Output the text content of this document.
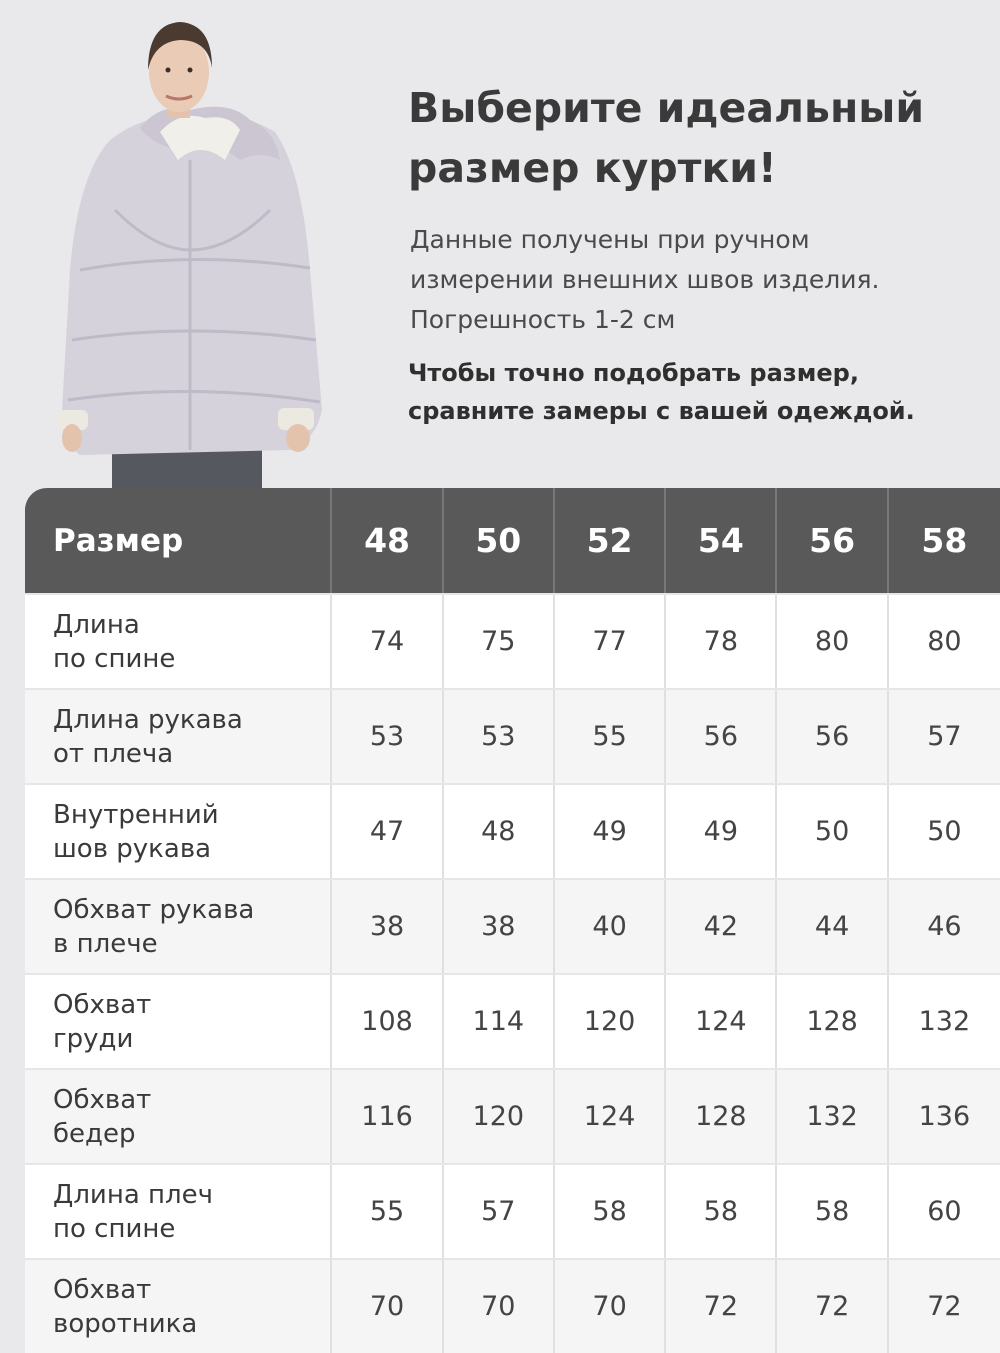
Выберите идеальный
размер куртки!
Данные получены при ручном
измерении внешних швов изделия.
Погрешность 1-2 см
Чтобы точно подобрать размер,
сравните замеры с вашей одеждой.
Размер	48	50	52	54	56	58
Длина
по спине
74	75	77	78	80	80
Длина рукава
от плеча
53	53	55	56	56	57
Внутренний
шов рукава
47	48	49	49	50	50
Обхват рукава
в плече
38	38	40	42	44	46
Обхват
груди
108	114	120	124	128	132
Обхват
бедер
116	120	124	128	132	136
Длина плеч
по спине
55	57	58	58	58	60
Обхват
воротника
70	70	70	72	72	72
